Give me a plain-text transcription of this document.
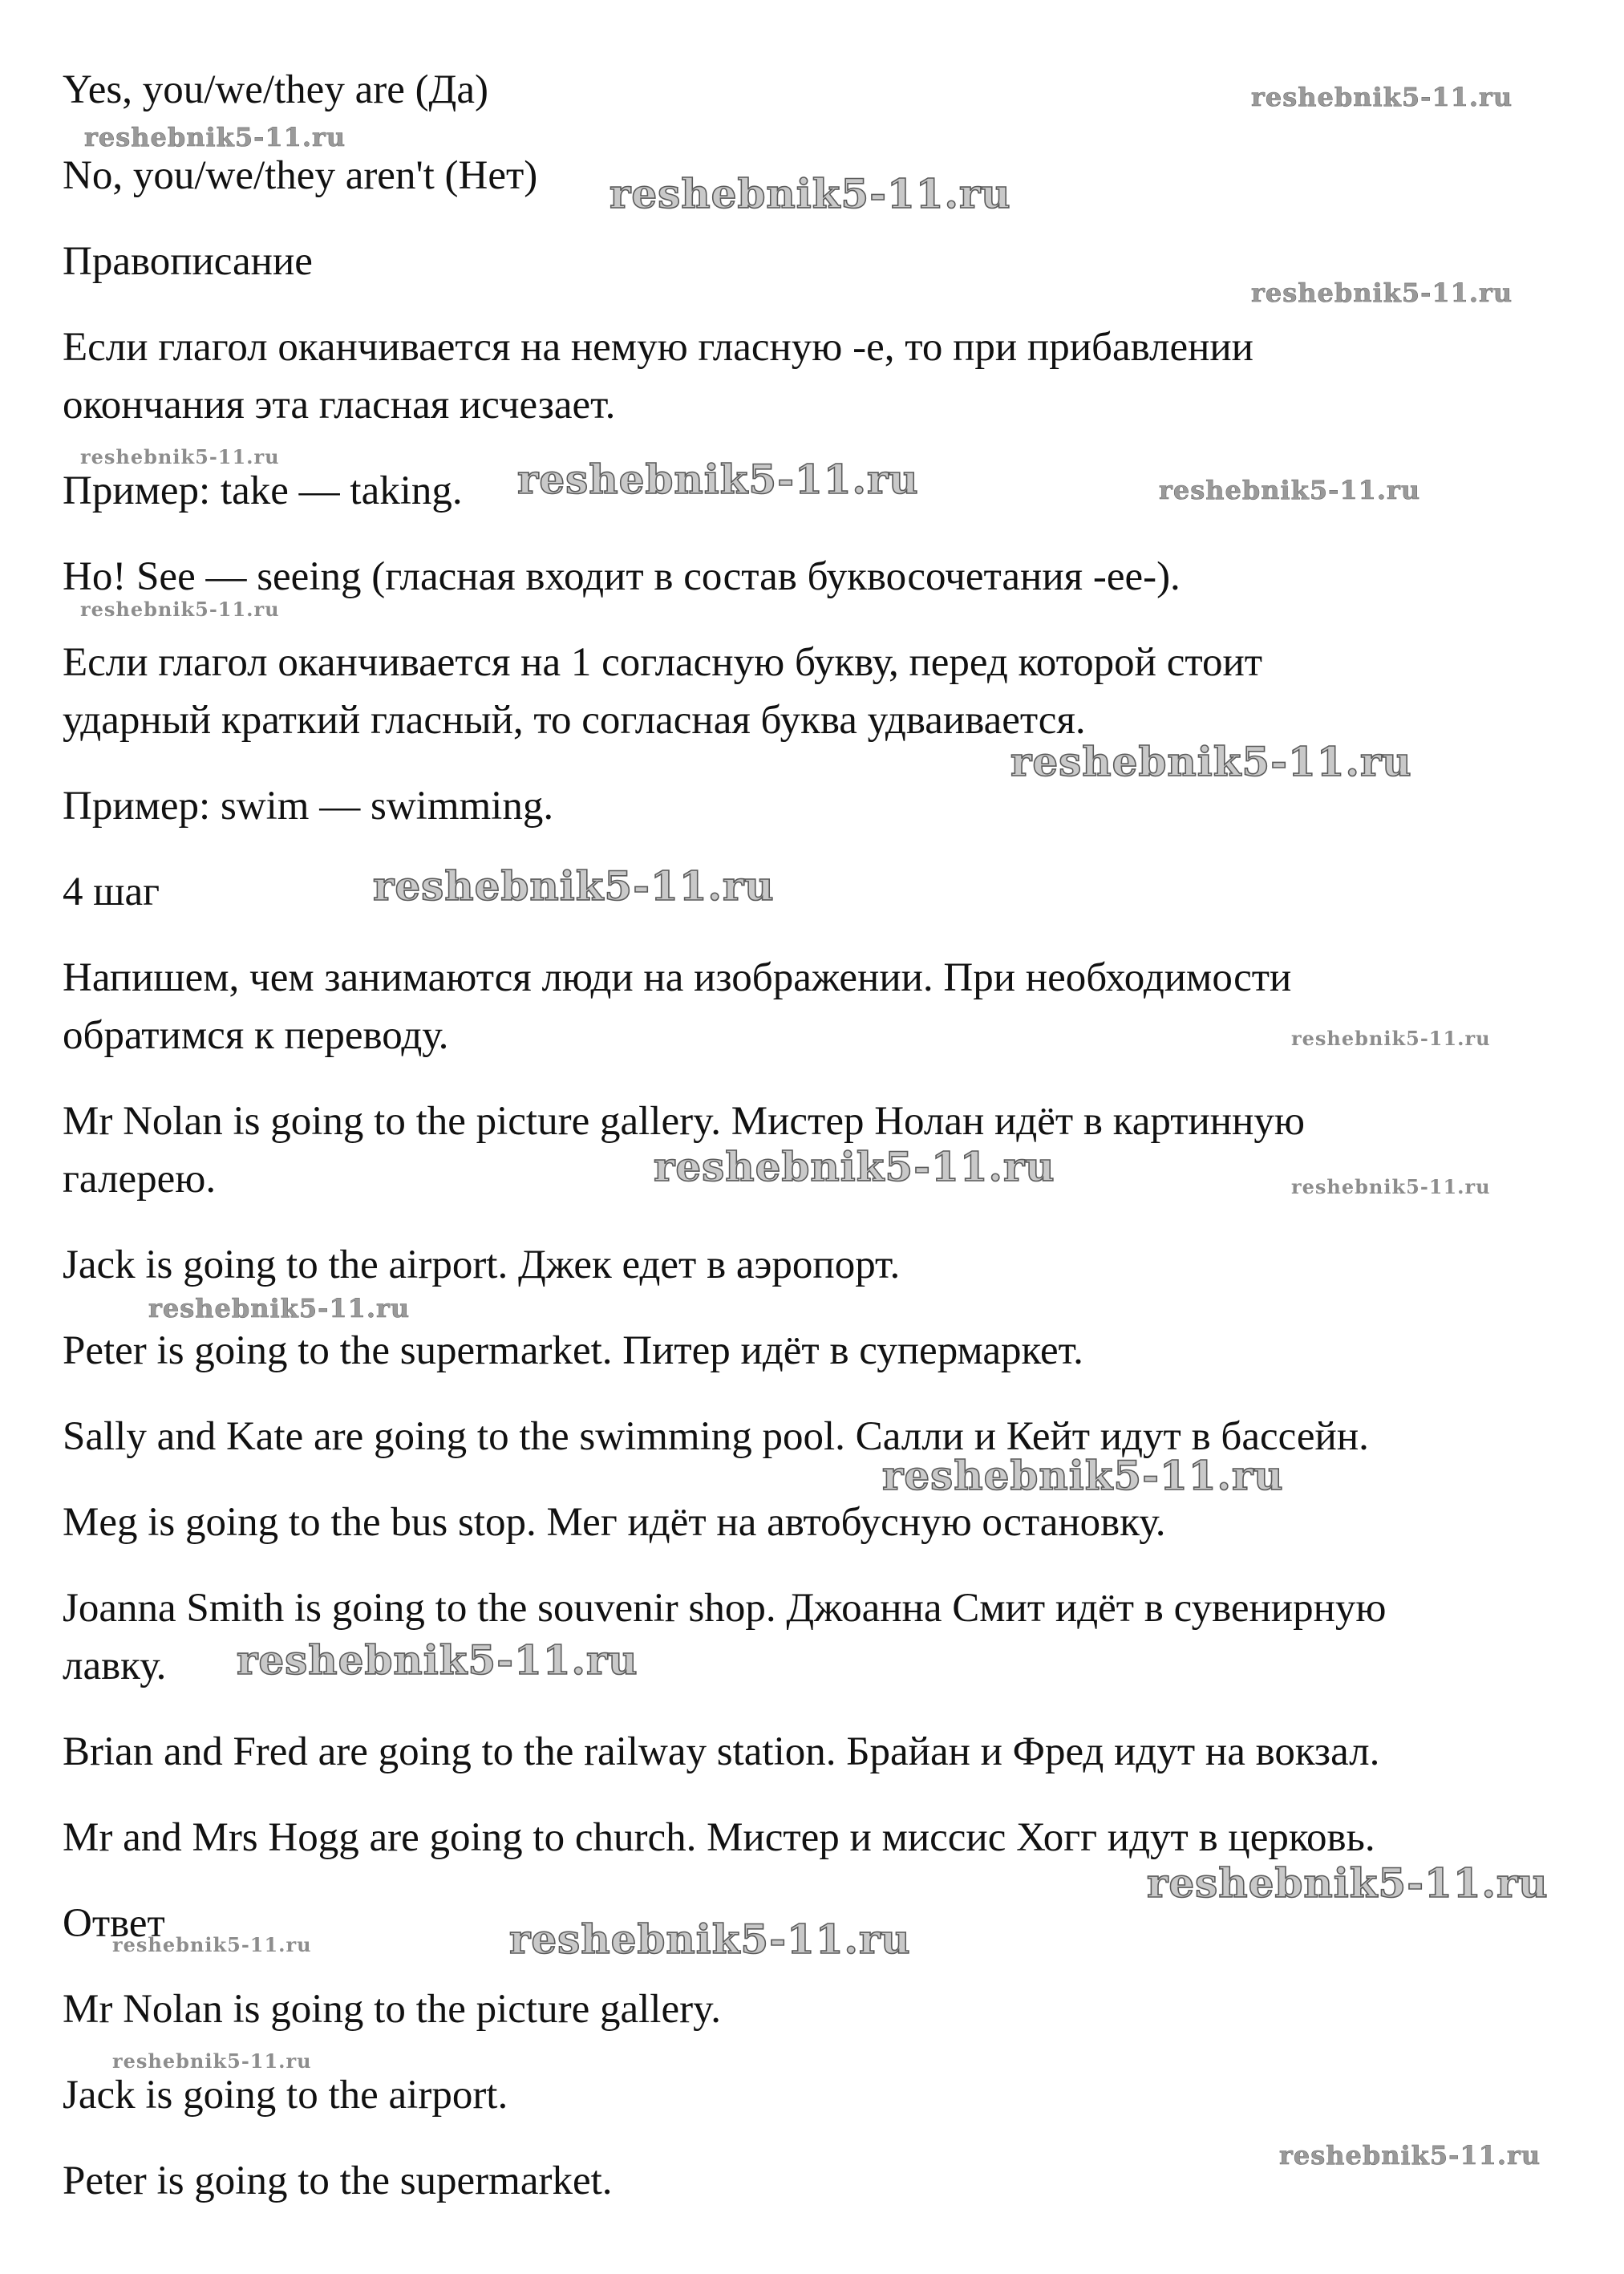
Yes, you/we/they are (Да)

No, you/we/they aren't (Нет)

Правописание

Если глагол оканчивается на немую гласную -е, то при прибавлении

окончания эта гласная исчезает.

Пример: take — taking.

Но! See — seeing (гласная входит в состав буквосочетания -ee-).

Если глагол оканчивается на 1 согласную букву, перед которой стоит

ударный краткий гласный, то согласная буква удваивается.

Пример: swim — swimming.

4 шаг

Напишем, чем занимаются люди на изображении. При необходимости

обратимся к переводу.

Mr Nolan is going to the picture gallery. Мистер Нолан идёт в картинную

галерею.

Jack is going to the airport. Джек едет в аэропорт.

Peter is going to the supermarket. Питер идёт в супермаркет.

Sally and Kate are going to the swimming pool. Салли и Кейт идут в бассейн.

Meg is going to the bus stop. Мег идёт на автобусную остановку.

Joanna Smith is going to the souvenir shop. Джоанна Смит идёт в сувенирную

лавку.

Brian and Fred are going to the railway station. Брайан и Фред идут на вокзал.

Mr and Mrs Hogg are going to church. Мистер и миссис Хогг идут в церковь.

Ответ

Mr Nolan is going to the picture gallery.

Jack is going to the airport.

Peter is going to the supermarket.

reshebnik5-11.ru
reshebnik5-11.ru
reshebnik5-11.ru
reshebnik5-11.ru
reshebnik5-11.ru	reshebnik5-11.ru	reshebnik5-11.ru
reshebnik5-11.ru
reshebnik5-11.ru
reshebnik5-11.ru
reshebnik5-11.ru
reshebnik5-11.ru	reshebnik5-11.ru
reshebnik5-11.ru
reshebnik5-11.ru
reshebnik5-11.ru
reshebnik5-11.ru
reshebnik5-11.ru	reshebnik5-11.ru
reshebnik5-11.ru
reshebnik5-11.ru
